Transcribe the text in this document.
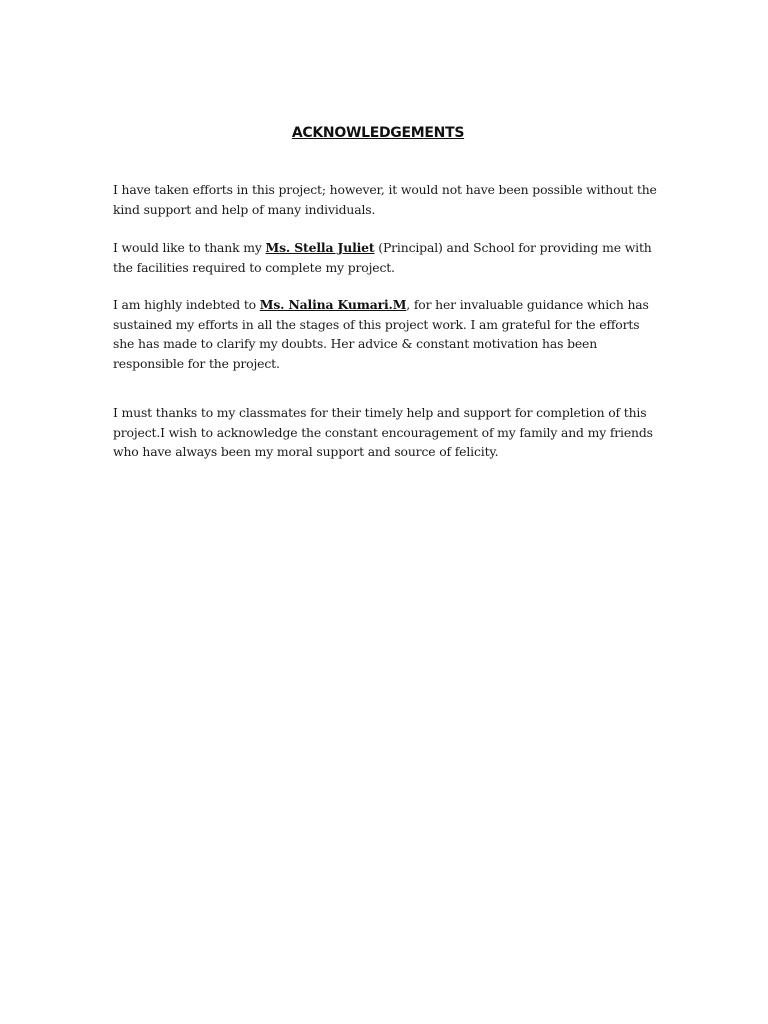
ACKNOWLEDGEMENTS

I have taken efforts in this project; however, it would not have been possible without the kind support and help of many individuals.

I would like to thank my Ms. Stella Juliet (Principal) and School for providing me with the facilities required to complete my project.

I am highly indebted to Ms. Nalina Kumari.M, for her invaluable guidance which has sustained my efforts in all the stages of this project work. I am grateful for the efforts she has made to clarify my doubts. Her advice & constant motivation has been responsible for the project.

I must thanks to my classmates for their timely help and support for completion of this project.I wish to acknowledge the constant encouragement of my family and my friends who have always been my moral support and source of felicity.
